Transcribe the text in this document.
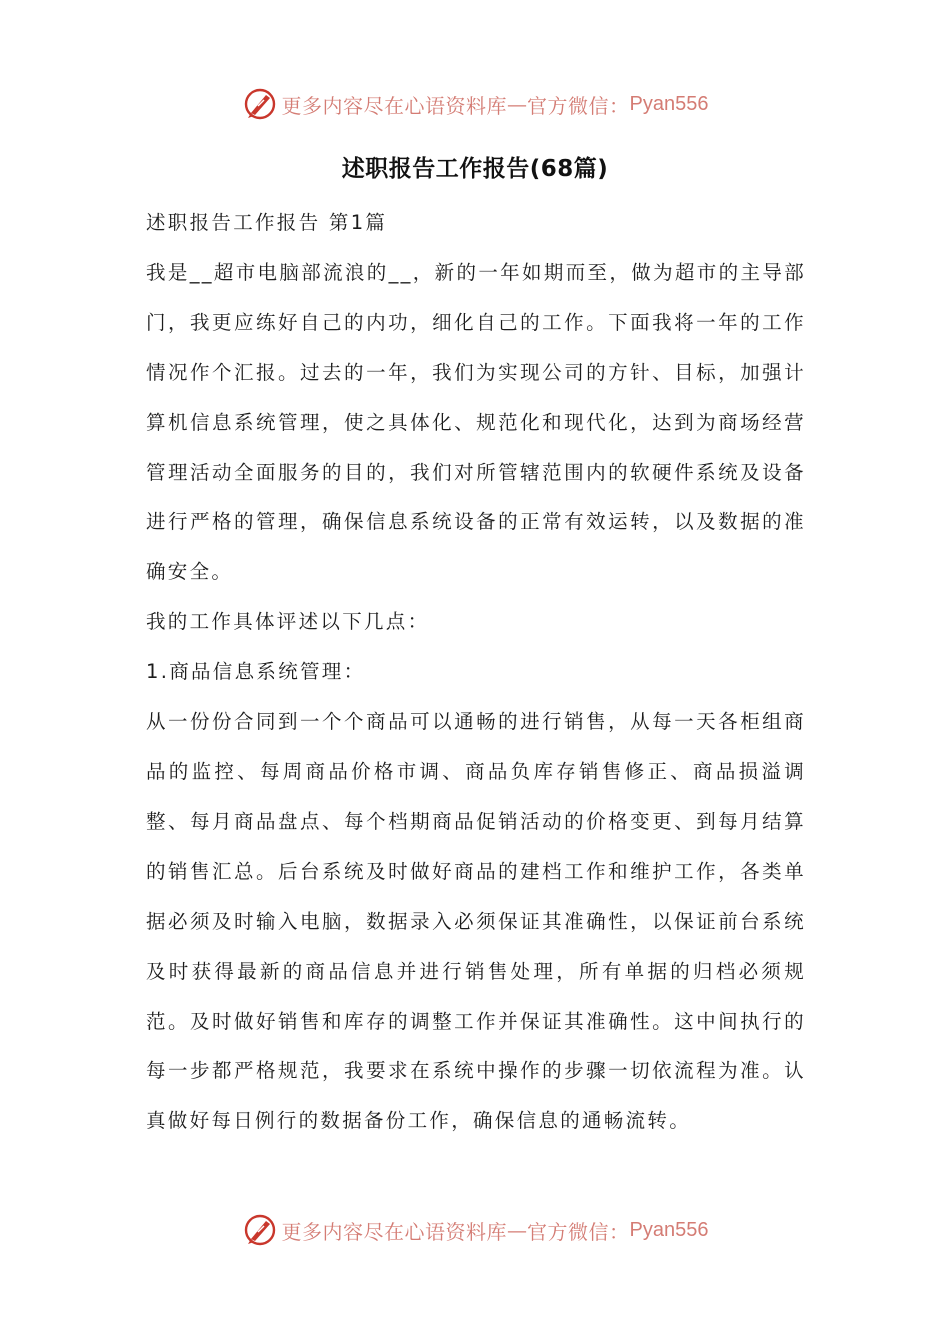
更多内容尽在心语资料库 — 官方微信： Pyan556
述职报告工作报告(68篇)

述职报告工作报告 第1篇

我是__超市电脑部流浪的__，新的一年如期而至，做为超市的主导部门，我更应练好自己的内功，细化自己的工作。下面我将一年的工作情况作个汇报。过去的一年，我们为实现公司的方针、目标，加强计算机信息系统管理，使之具体化、规范化和现代化，达到为商场经营管理活动全面服务的目的，我们对所管辖范围内的软硬件系统及设备进行严格的管理，确保信息系统设备的正常有效运转，以及数据的准确安全。

我的工作具体评述以下几点：

1.商品信息系统管理：

从一份份合同到一个个商品可以通畅的进行销售，从每一天各柜组商品的监控、每周商品价格市调、商品负库存销售修正、商品损溢调整、每月商品盘点、每个档期商品促销活动的价格变更、到每月结算的销售汇总。后台系统及时做好商品的建档工作和维护工作，各类单据必须及时输入电脑，数据录入必须保证其准确性，以保证前台系统及时获得最新的商品信息并进行销售处理，所有单据的归档必须规范。及时做好销售和库存的调整工作并保证其准确性。这中间执行的每一步都严格规范，我要求在系统中操作的步骤一切依流程为准。认真做好每日例行的数据备份工作，确保信息的通畅流转。

更多内容尽在心语资料库 — 官方微信： Pyan556
